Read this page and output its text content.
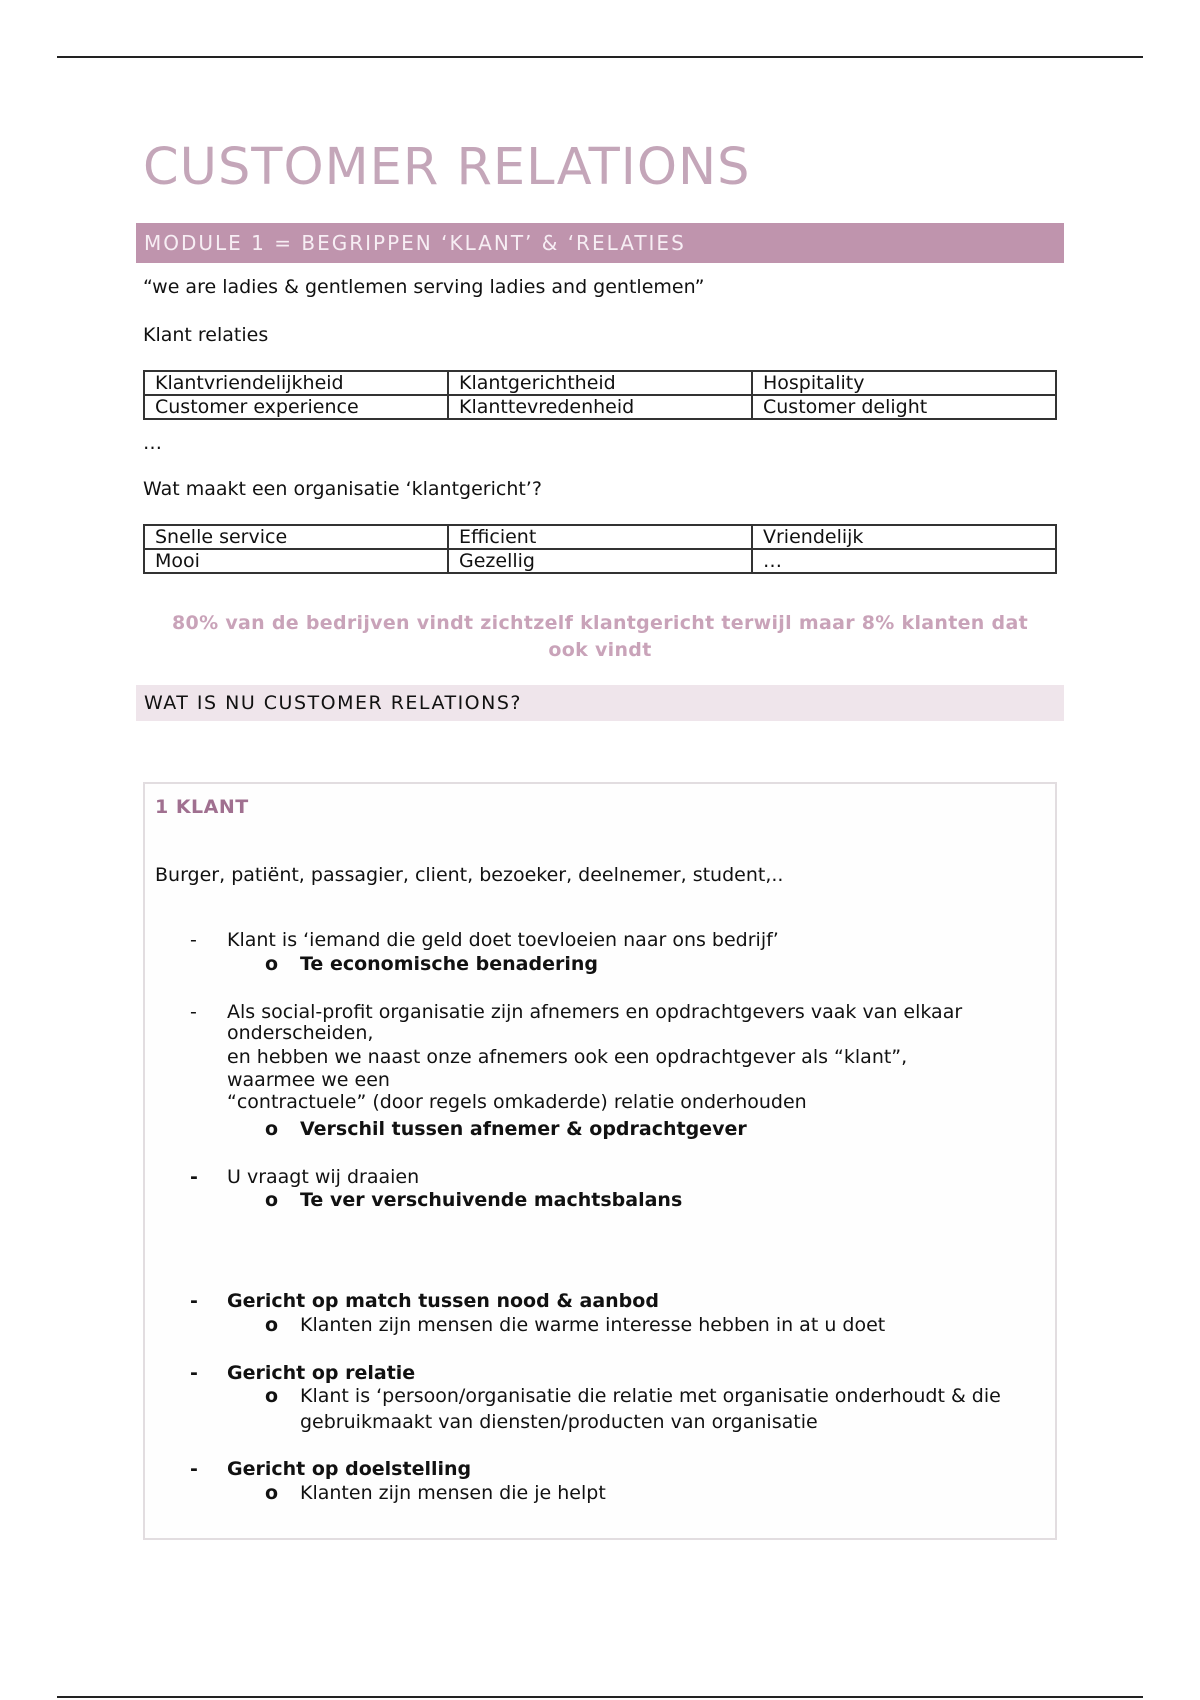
CUSTOMER RELATIONS
MODULE 1 = BEGRIPPEN ‘KLANT’ & ‘RELATIES
“we are ladies & gentlemen serving ladies and gentlemen”
Klant relaties
Klantvriendelijkheid	Klantgerichtheid	Hospitality
Customer experience	Klanttevredenheid	Customer delight
…
Wat maakt een organisatie ‘klantgericht’?
Snelle service	Efficient	Vriendelijk
Mooi	Gezellig	…
80% van de bedrijven vindt zichtzelf klantgericht terwijl maar 8% klanten dat
ook vindt
WAT IS NU CUSTOMER RELATIONS?
1 KLANT
Burger, patiënt, passagier, client, bezoeker, deelnemer, student,..
- Klant is ‘iemand die geld doet toevloeien naar ons bedrijf’
o Te economische benadering
- Als social-profit organisatie zijn afnemers en opdrachtgevers vaak van elkaar
onderscheiden,
en hebben we naast onze afnemers ook een opdrachtgever als “klant”,
waarmee we een
“contractuele” (door regels omkaderde) relatie onderhouden
o Verschil tussen afnemer & opdrachtgever
- U vraagt wij draaien
o Te ver verschuivende machtsbalans
- Gericht op match tussen nood & aanbod
o Klanten zijn mensen die warme interesse hebben in at u doet
- Gericht op relatie
o Klant is ‘persoon/organisatie die relatie met organisatie onderhoudt & die
gebruikmaakt van diensten/producten van organisatie
- Gericht op doelstelling
o Klanten zijn mensen die je helpt
